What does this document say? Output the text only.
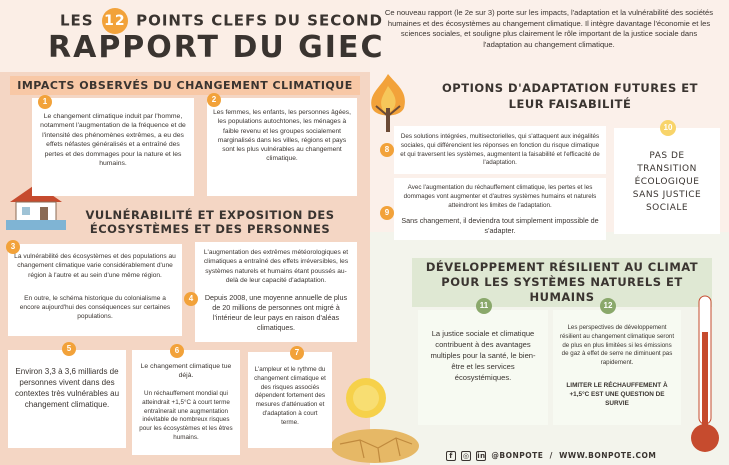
LES 12 POINTS CLEFS DU SECOND
RAPPORT DU GIEC
Ce nouveau rapport (le 2e sur 3) porte sur les impacts, l'adaptation et la vulnérabilité des sociétés humaines et des écosystèmes au changement climatique. Il intègre davantage l'économie et les sciences sociales, et souligne plus clairement le rôle important de la justice sociale dans l'adaptation au changement climatique.
IMPACTS OBSERVÉS DU CHANGEMENT CLIMATIQUE
VULNÉRABILITÉ ET EXPOSITION DES ÉCOSYSTÈMES ET DES PERSONNES
OPTIONS D'ADAPTATION FUTURES ET LEUR FAISABILITÉ
DÉVELOPPEMENT RÉSILIENT AU CLIMAT POUR LES SYSTÈMES NATURELS ET HUMAINS
Le changement climatique induit par l'homme, notamment l'augmentation de la fréquence et de l'intensité des phénomènes extrêmes, a eu des effets néfastes généralisés et a entraîné des pertes et des dommages pour la nature et les humains.
1
Les femmes, les enfants, les personnes âgées, les populations autochtones, les ménages à faible revenu et les groupes socialement marginalisés dans les villes, régions et pays sont les plus vulnérables au changement climatique.
2
La vulnérabilité des écosystèmes et des populations au changement climatique varie considérablement d'une région à l'autre et au sein d'une même région.
En outre, le schéma historique du colonialisme a encore aujourd'hui des conséquences sur certaines populations.
3
L'augmentation des extrêmes météorologiques et climatiques a entraîné des effets irréversibles, les systèmes naturels et humains étant poussés au-delà de leur capacité d'adaptation.
Depuis 2008, une moyenne annuelle de plus de 20 millions de personnes ont migré à l'intérieur de leur pays en raison d'aléas climatiques.
4
Environ 3,3 à 3,6 milliards de personnes vivent dans des contextes très vulnérables au changement climatique.
5
Le changement climatique tue déjà.
Un réchauffement mondial qui atteindrait +1,5°C à court terme entraînerait une augmentation inévitable de nombreux risques pour les écosystèmes et les êtres humains.
6
L'ampleur et le rythme du changement climatique et des risques associés dépendent fortement des mesures d'atténuation et d'adaptation à court terme.
7
Des solutions intégrées, multisectorielles, qui s'attaquent aux inégalités sociales, qui différencient les réponses en fonction du risque climatique et qui traversent les systèmes, augmentent la faisabilité et l'efficacité de l'adaptation.
8
Avec l'augmentation du réchauffement climatique, les pertes et les dommages vont augmenter et d'autres systèmes humains et naturels atteindront les limites de l'adaptation.
Sans changement, il deviendra tout simplement impossible de s'adapter.
9
PAS DE TRANSITION ÉCOLOGIQUE SANS JUSTICE SOCIALE
10
La justice sociale et climatique contribuent à des avantages multiples pour la santé, le bien-être et les services écosystémiques.
11
Les perspectives de développement résilient au changement climatique seront de plus en plus limitées si les émissions de gaz à effet de serre ne diminuent pas rapidement.
LIMITER LE RÉCHAUFFEMENT À +1,5°C EST UNE QUESTION DE SURVIE
12
f ◎ in @BONPOTE / WWW.BONPOTE.COM
